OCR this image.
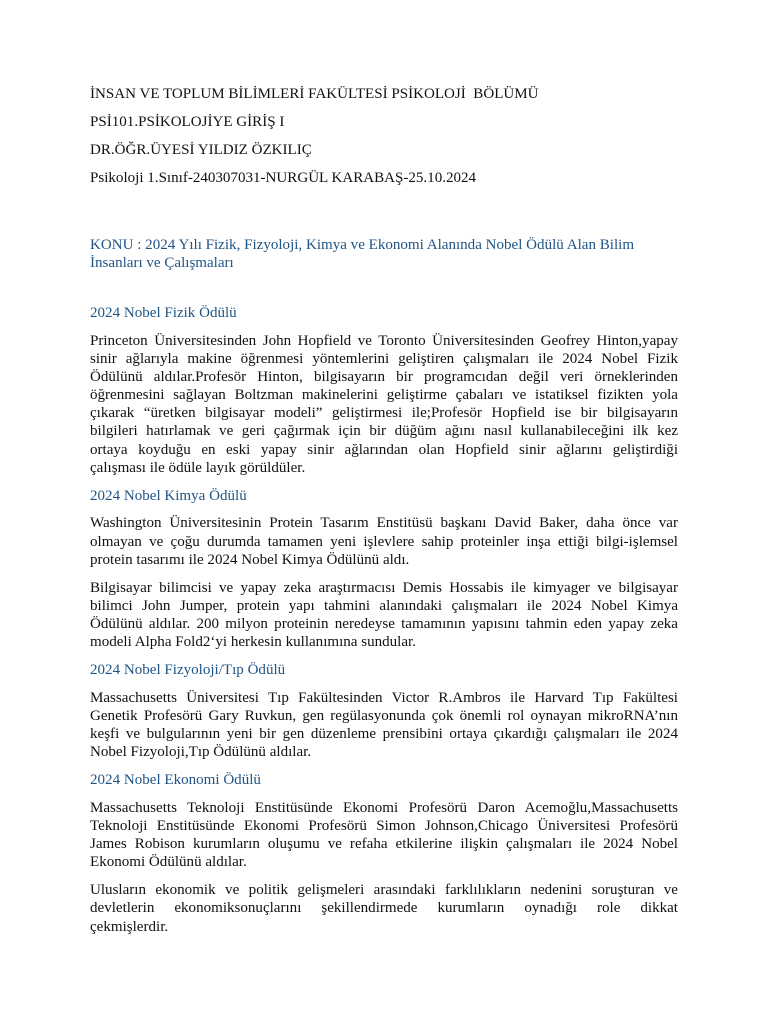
İNSAN VE TOPLUM BİLİMLERİ FAKÜLTESİ PSİKOLOJİ  BÖLÜMÜ

PSİ101.PSİKOLOJİYE GİRİŞ I

DR.ÖĞR.ÜYESİ YILDIZ ÖZKILIÇ

Psikoloji 1.Sınıf-240307031-NURGÜL KARABAŞ-25.10.2024

KONU : 2024 Yılı Fizik, Fizyoloji, Kimya ve Ekonomi Alanında Nobel Ödülü Alan Bilim İnsanları ve Çalışmaları

2024 Nobel Fizik Ödülü
Princeton Üniversitesinden John Hopfield ve Toronto Üniversitesinden Geofrey Hinton,yapay
sinir ağlarıyla makine öğrenmesi yöntemlerini geliştiren çalışmaları ile 2024 Nobel Fizik
Ödülünü aldılar.Profesör Hinton, bilgisayarın bir programcıdan değil veri örneklerinden
öğrenmesini sağlayan Boltzman makinelerini geliştirme çabaları ve istatiksel fizikten yola
çıkarak “üretken bilgisayar modeli” geliştirmesi ile;Profesör Hopfield ise bir bilgisayarın
bilgileri hatırlamak ve geri çağırmak için bir düğüm ağını nasıl kullanabileceğini ilk kez
ortaya koyduğu en eski yapay sinir ağlarından olan Hopfield sinir ağlarını geliştirdiği
çalışması ile ödüle layık görüldüler.
2024 Nobel Kimya Ödülü
Washington Üniversitesinin Protein Tasarım Enstitüsü başkanı David Baker, daha önce var
olmayan ve çoğu durumda tamamen yeni işlevlere sahip proteinler inşa ettiği bilgi-işlemsel
protein tasarımı ile 2024 Nobel Kimya Ödülünü aldı.
Bilgisayar bilimcisi ve yapay zeka araştırmacısı Demis Hossabis ile kimyager ve bilgisayar
bilimci John Jumper, protein yapı tahmini alanındaki çalışmaları ile 2024 Nobel Kimya
Ödülünü aldılar. 200 milyon proteinin neredeyse tamamının yapısını tahmin eden yapay zeka
modeli Alpha Fold2‘yi herkesin kullanımına sundular.
2024 Nobel Fizyoloji/Tıp Ödülü
Massachusetts Üniversitesi Tıp Fakültesinden Victor R.Ambros ile Harvard Tıp Fakültesi
Genetik Profesörü Gary Ruvkun, gen regülasyonunda çok önemli rol oynayan mikroRNA’nın
keşfi ve bulgularının yeni bir gen düzenleme prensibini ortaya çıkardığı çalışmaları ile 2024
Nobel Fizyoloji,Tıp Ödülünü aldılar.
2024 Nobel Ekonomi Ödülü
Massachusetts Teknoloji Enstitüsünde Ekonomi Profesörü Daron Acemoğlu,Massachusetts
Teknoloji Enstitüsünde Ekonomi Profesörü Simon Johnson,Chicago Üniversitesi Profesörü
James Robison kurumların oluşumu ve refaha etkilerine ilişkin çalışmaları ile 2024 Nobel
Ekonomi Ödülünü aldılar.
Ulusların ekonomik ve politik gelişmeleri arasındaki farklılıkların nedenini soruşturan ve
devletlerin ekonomiksonuçlarını şekillendirmede kurumların oynadığı role dikkat
çekmişlerdir.
